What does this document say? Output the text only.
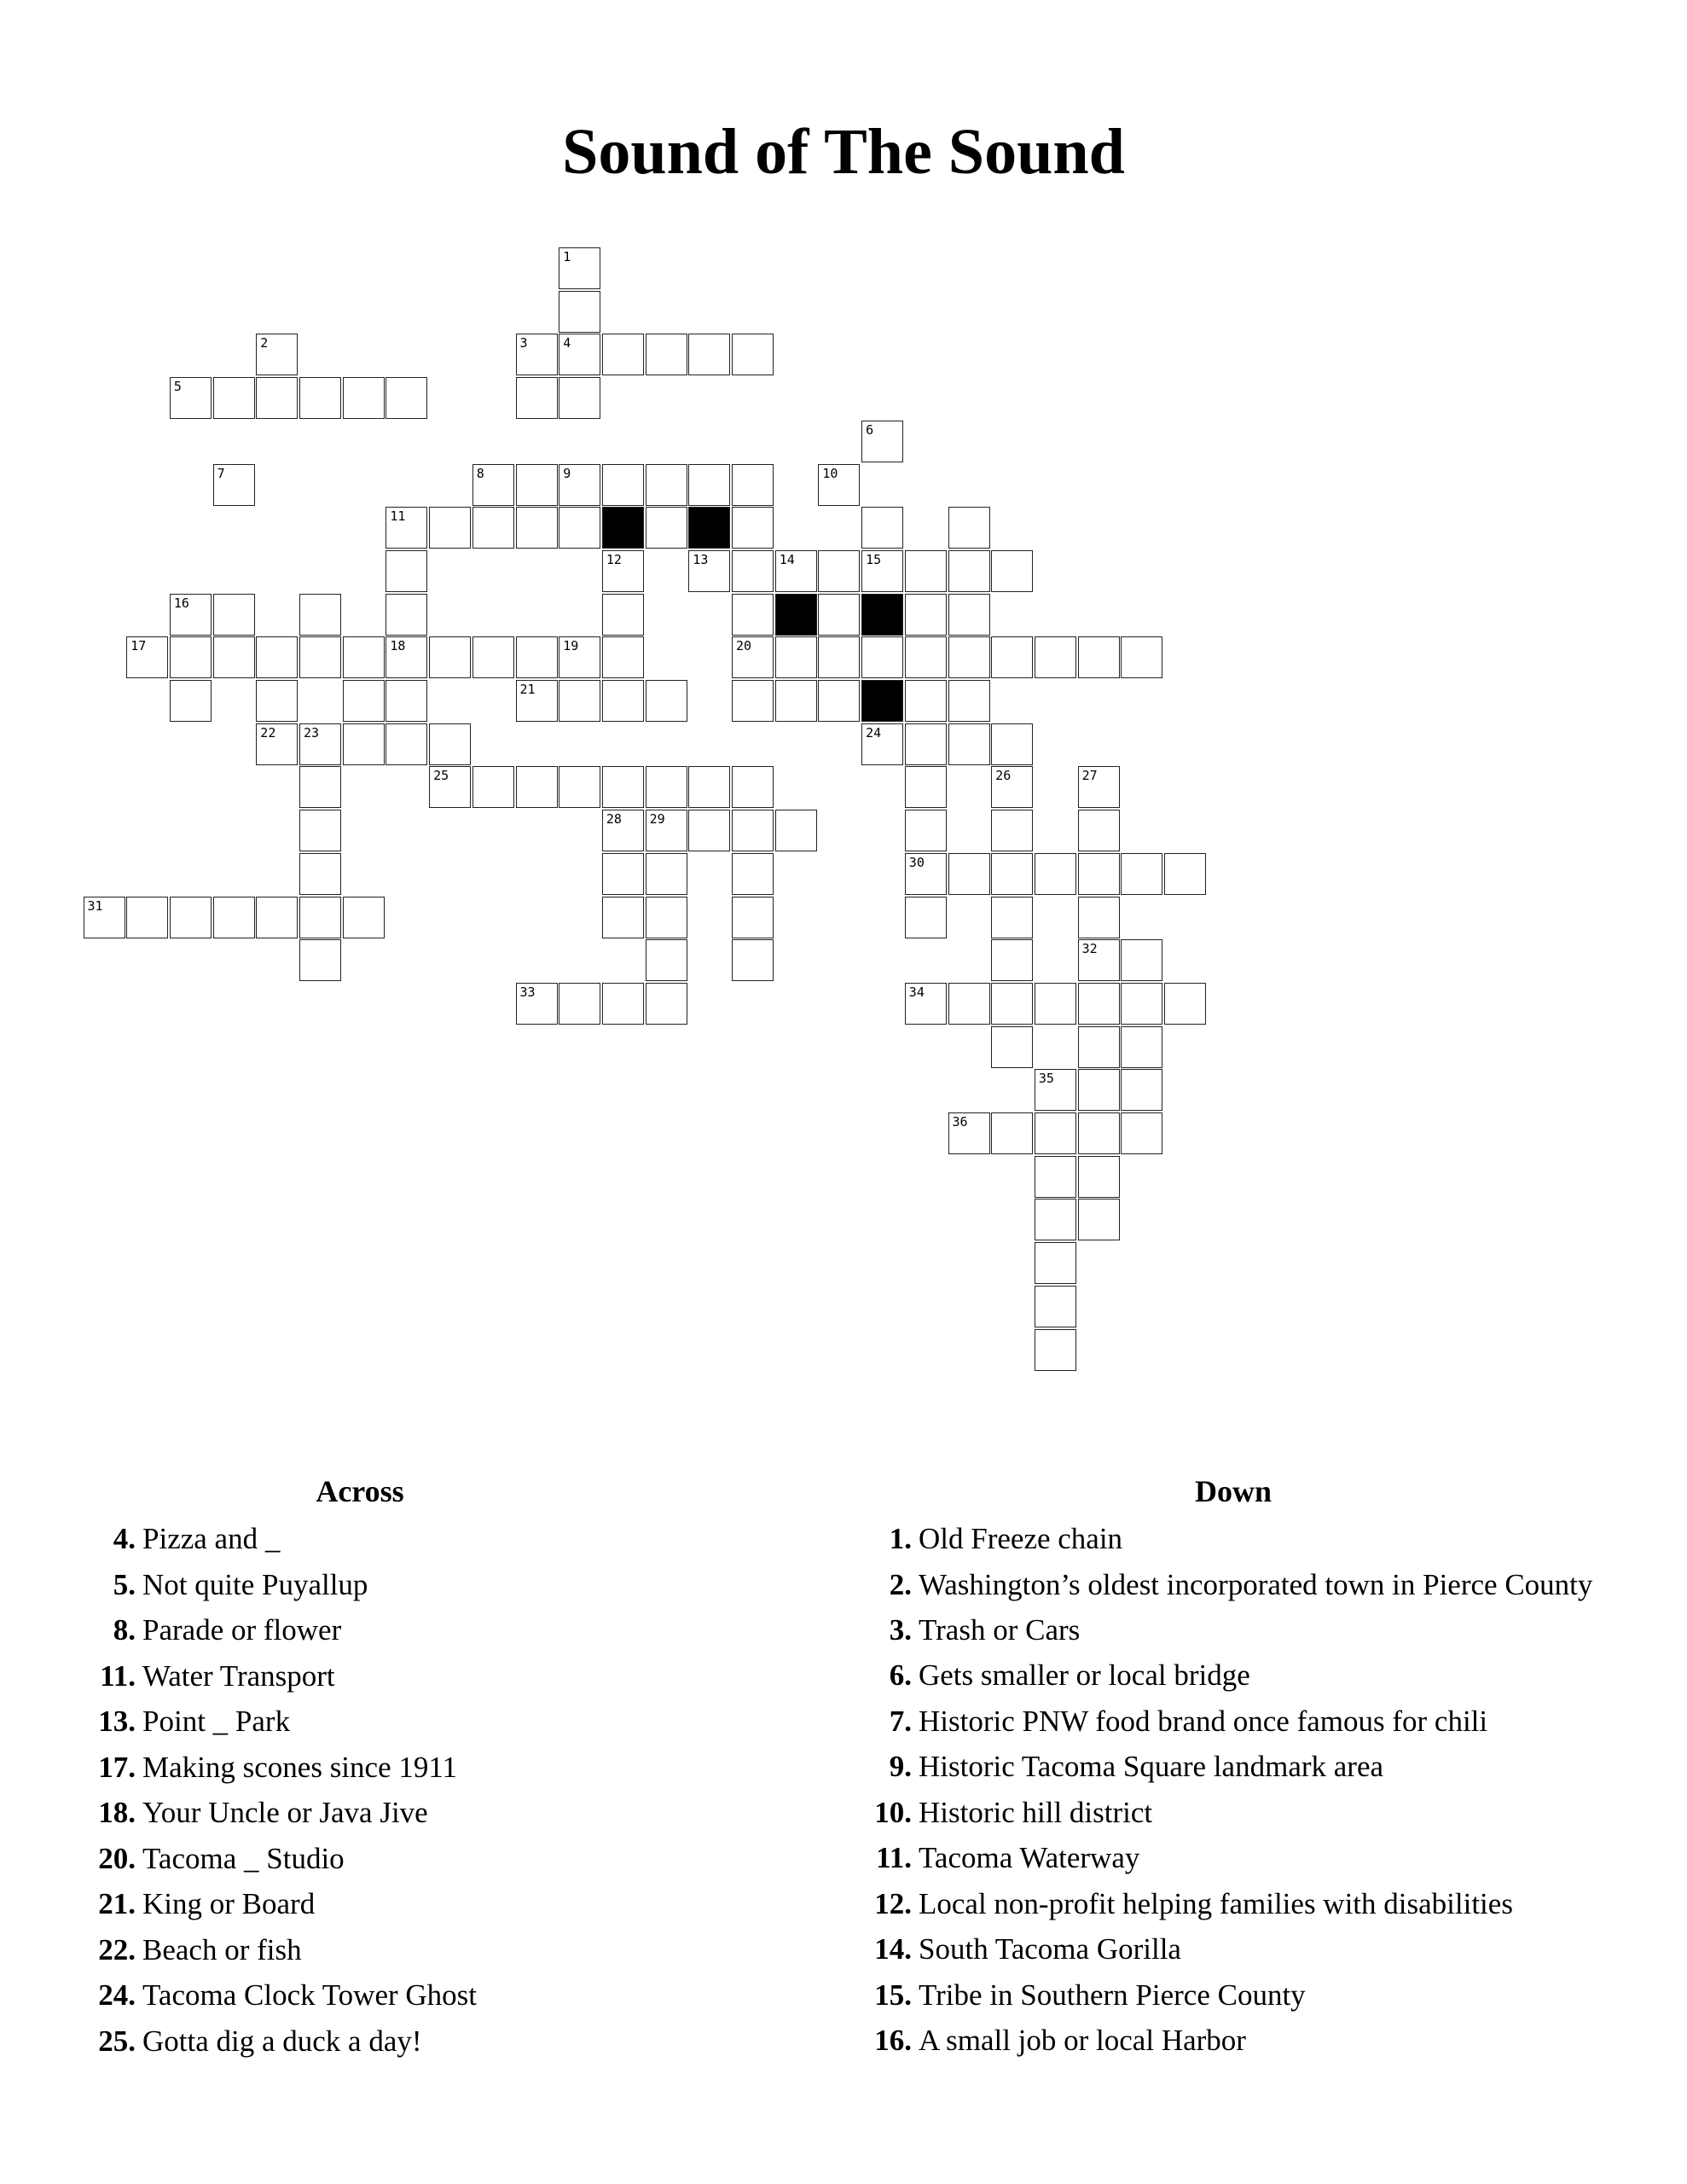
Sound of The Sound
1
2	3	4
5
6
7	8	9	10
11
12	13	14	15
16
17	18	19	20
21
22 23	24
25	26	27
28 29
30
31
32
33	34
35
36
Across	Down
4. Pizza and _
5. Not quite Puyallup
8. Parade or flower
11. Water Transport
13. Point _ Park
17. Making scones since 1911
18. Your Uncle or Java Jive
20. Tacoma _ Studio
21. King or Board
22. Beach or fish
24. Tacoma Clock Tower Ghost
25. Gotta dig a duck a day!
1. Old Freeze chain
2. Washington’s oldest incorporated town in Pierce County
3. Trash or Cars
6. Gets smaller or local bridge
7. Historic PNW food brand once famous for chili
9. Historic Tacoma Square landmark area
10. Historic hill district
11. Tacoma Waterway
12. Local non-profit helping families with disabilities
14. South Tacoma Gorilla
15. Tribe in Southern Pierce County
16. A small job or local Harbor
